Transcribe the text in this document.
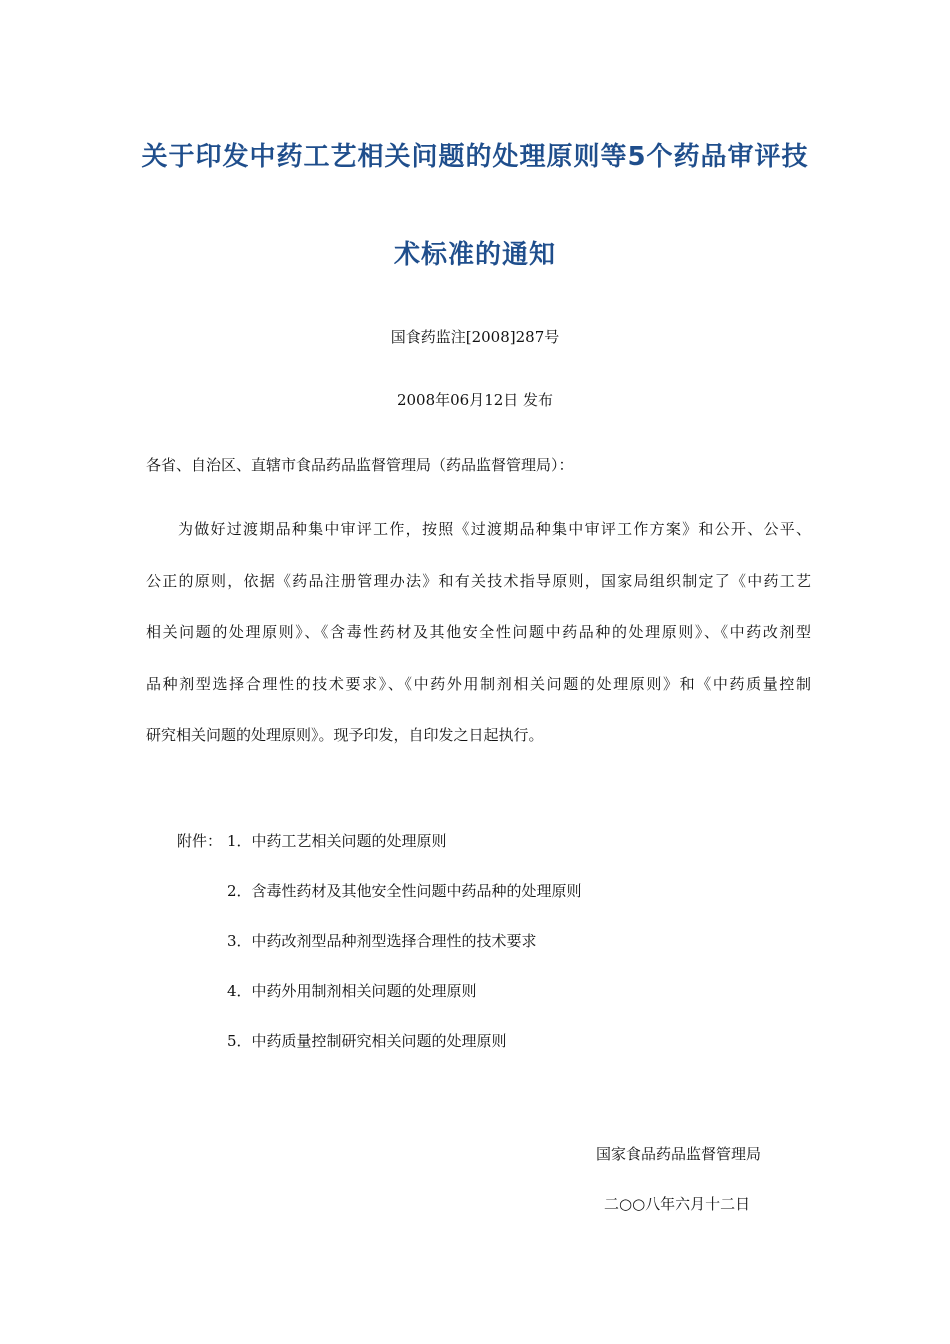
关于印发中药工艺相关问题的处理原则等5个药品审评技
术标准的通知
国食药监注[2008]287号
2008年06月12日 发布
各省、自治区、直辖市食品药品监督管理局（药品监督管理局）：
为做好过渡期品种集中审评工作，按照《过渡期品种集中审评工作方案》和公开、公平、
公正的原则，依据《药品注册管理办法》和有关技术指导原则，国家局组织制定了《中药工艺
相关问题的处理原则》、《含毒性药材及其他安全性问题中药品种的处理原则》、《中药改剂型
品种剂型选择合理性的技术要求》、《中药外用制剂相关问题的处理原则》和《中药质量控制
研究相关问题的处理原则》。现予印发，自印发之日起执行。
附件： 1．中药工艺相关问题的处理原则
2．含毒性药材及其他安全性问题中药品种的处理原则
3．中药改剂型品种剂型选择合理性的技术要求
4．中药外用制剂相关问题的处理原则
5．中药质量控制研究相关问题的处理原则
国家食品药品监督管理局
二○○八年六月十二日
